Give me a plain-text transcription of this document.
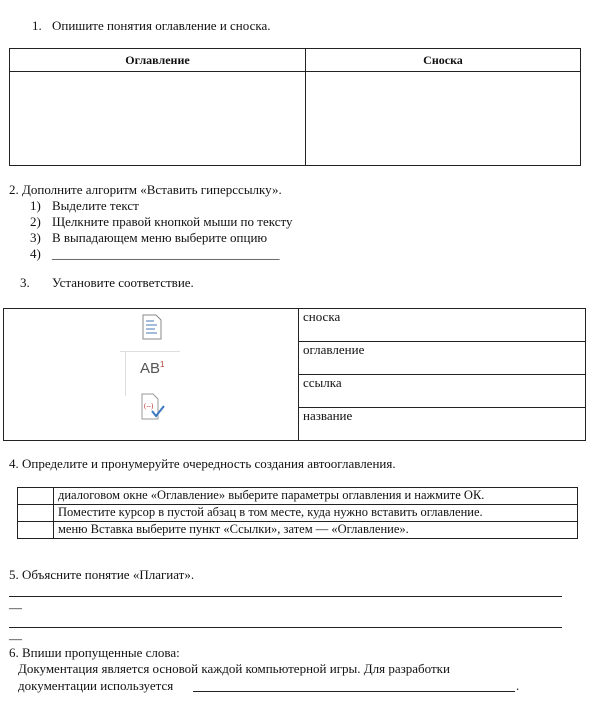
1. Опишите понятия оглавление и сноска.
Оглавление	Сноска

2. Дополните алгоритм «Вставить гиперссылку».
1) Выделите текст
2) Щелкните правой кнопкой мыши по тексту
3) В выпадающем меню выберите опцию
4) ___________________________________
3. Установите соответствие.
$AB^1$
(--)
	сноска
оглавление
ссылка
название
4. Определите и пронумеруйте очередность создания автооглавления.
	диалоговом окне «Оглавление» выберите параметры оглавления и нажмите ОК.
	Поместите курсор в пустой абзац в том месте, куда нужно вставить оглавление.
	меню Вставка выберите пункт «Ссылки», затем — «Оглавление».
5. Объясните понятие «Плагиат».
—
—
6. Впиши пропущенные слова:
Документация является основой каждой компьютерной игры. Для разработки
документации используется	.
